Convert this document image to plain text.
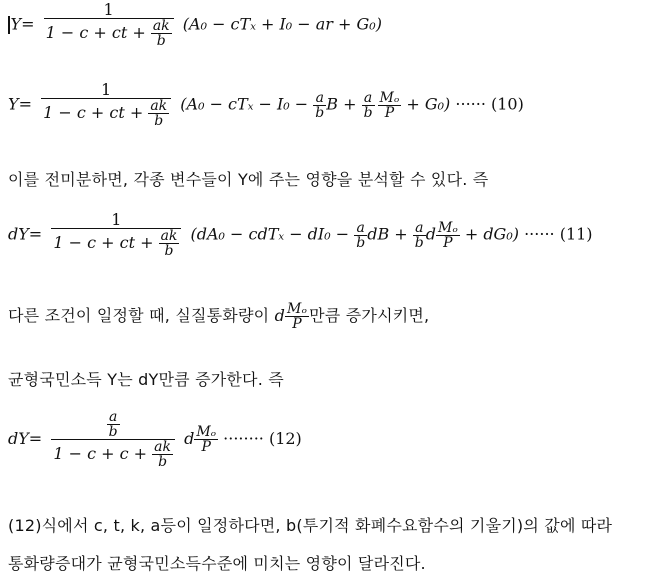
$Y= \frac{1}{1 - c + ct + \frac{ak}{b}} (A_0 - cT_x + I_0$ − ar + G₀)
$Y= \frac{1}{1 - c + ct + \frac{ak}{b}} (A_0 - cT_x - I_0 - \frac{a}{b}$ $B + \frac{a}{b} \frac{\text{Mₒ}}{P} + G_0$) ······ (10)
이를 전미분하면, 각종 변수들이 Y에 주는 영향을 분석할 수 있다. 즉
$dY= \frac{1}{1 - c + ct + \frac{ak}{b}} (dA_0 - cdT_x - dI_0 - \frac{a}{b}$ dB + $\frac{a}{b}$ d $\frac{\text{Mₒ}}{P} + dG_0$) ······ (11)
다른 조건이 일정할 때, 실질통화량이 d $\frac{\text{Mₒ}}{P}$ 만큼 증가시키면,
균형국민소득 Y는 dY만큼 증가한다. 즉
$dY= \frac{\frac{a}{b}}{1 - c + c + \frac{ak}{b}}$ d $\frac{\text{Mₒ}}{P}$ ········ (12)
(12)식에서 c, t, k, a등이 일정하다면, b(투기적 화폐수요함수의 기울기)의 값에 따라
통화량증대가 균형국민소득수준에 미치는 영향이 달라진다.
